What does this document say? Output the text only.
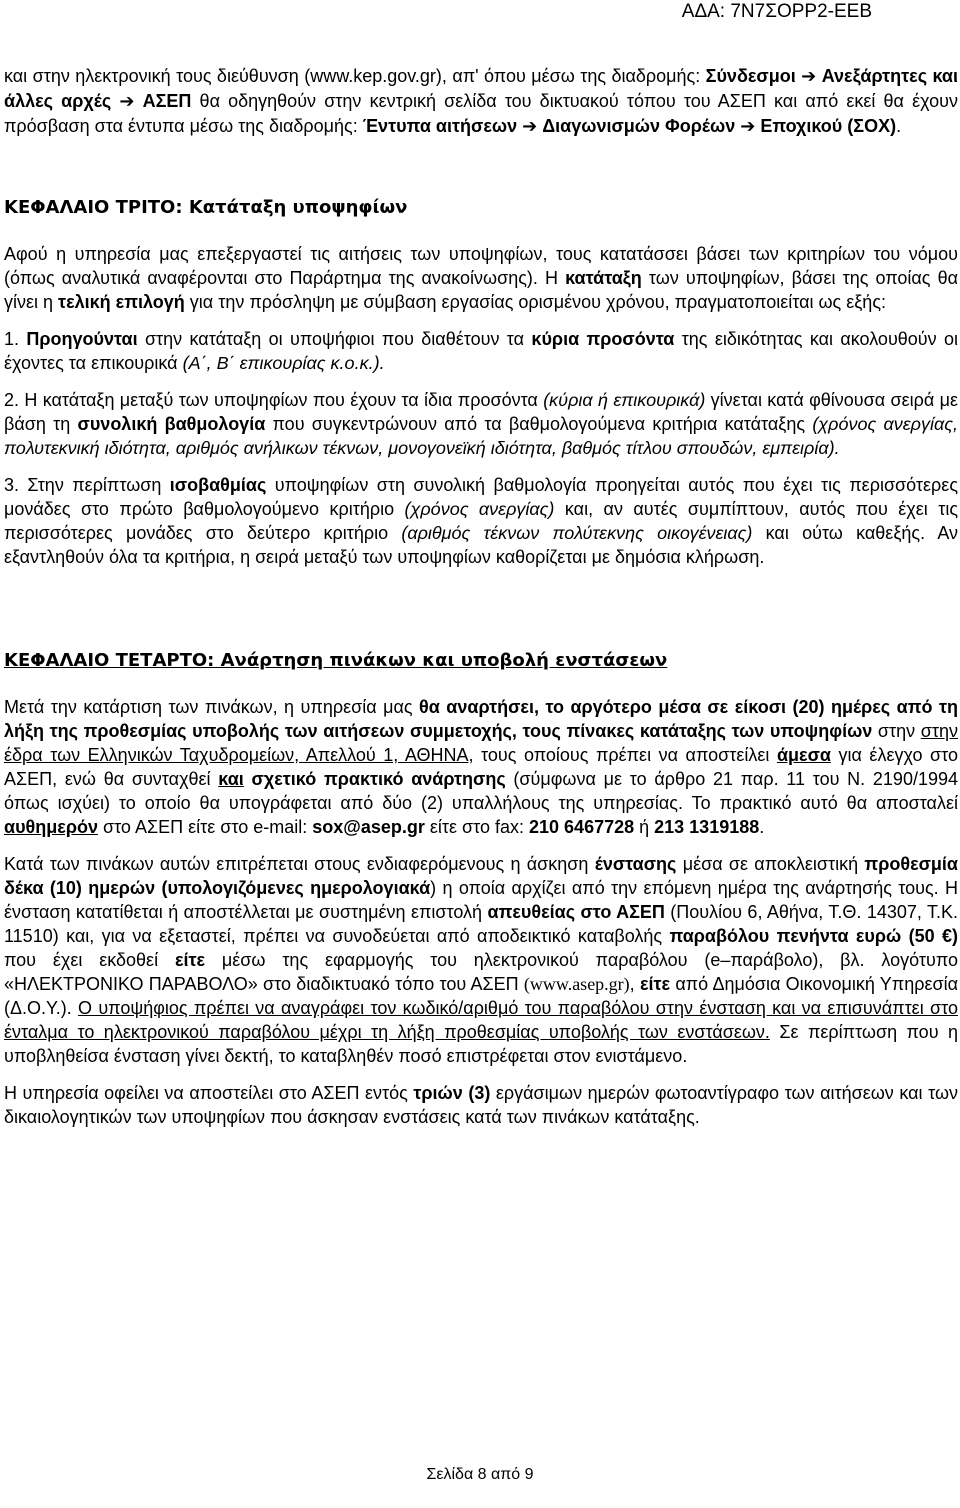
ΑΔΑ: 7Ν7ΣΟΡΡ2-ΕΕΒ

και στην ηλεκτρονική τους διεύθυνση (www.kep.gov.gr), απ' όπου μέσω της διαδρομής: Σύνδεσμοι ➔ Ανεξάρτητες και άλλες αρχές ➔ ΑΣΕΠ θα οδηγηθούν στην κεντρική σελίδα του δικτυακού τόπου του ΑΣΕΠ και από εκεί θα έχουν πρόσβαση στα έντυπα μέσω της διαδρομής: Έντυπα αιτήσεων ➔ Διαγωνισμών Φορέων ➔ Εποχικού (ΣΟΧ).

ΚΕΦΑΛΑΙΟ ΤΡΙΤΟ: Κατάταξη υποψηφίων

Αφού η υπηρεσία μας επεξεργαστεί τις αιτήσεις των υποψηφίων, τους κατατάσσει βάσει των κριτηρίων του νόμου (όπως αναλυτικά αναφέρονται στο Παράρτημα της ανακοίνωσης). Η κατάταξη των υποψηφίων, βάσει της οποίας θα γίνει η τελική επιλογή για την πρόσληψη με σύμβαση εργασίας ορισμένου χρόνου, πραγματοποιείται ως εξής:

1. Προηγούνται στην κατάταξη οι υποψήφιοι που διαθέτουν τα κύρια προσόντα της ειδικότητας και ακολουθούν οι έχοντες τα επικουρικά (Α΄, Β΄ επικουρίας κ.ο.κ.).

2. Η κατάταξη μεταξύ των υποψηφίων που έχουν τα ίδια προσόντα (κύρια ή επικουρικά) γίνεται κατά φθίνουσα σειρά με βάση τη συνολική βαθμολογία που συγκεντρώνουν από τα βαθμολογούμενα κριτήρια κατάταξης (χρόνος ανεργίας, πολυτεκνική ιδιότητα, αριθμός ανήλικων τέκνων, μονογονεϊκή ιδιότητα, βαθμός τίτλου σπουδών, εμπειρία).

3. Στην περίπτωση ισοβαθμίας υποψηφίων στη συνολική βαθμολογία προηγείται αυτός που έχει τις περισσότερες μονάδες στο πρώτο βαθμολογούμενο κριτήριο (χρόνος ανεργίας) και, αν αυτές συμπίπτουν, αυτός που έχει τις περισσότερες μονάδες στο δεύτερο κριτήριο (αριθμός τέκνων πολύτεκνης οικογένειας) και ούτω καθεξής. Αν εξαντληθούν όλα τα κριτήρια, η σειρά μεταξύ των υποψηφίων καθορίζεται με δημόσια κλήρωση.

ΚΕΦΑΛΑΙΟ ΤΕΤΑΡΤΟ: Ανάρτηση πινάκων και υποβολή ενστάσεων

Μετά την κατάρτιση των πινάκων, η υπηρεσία μας θα αναρτήσει, το αργότερο μέσα σε είκοσι (20) ημέρες από τη λήξη της προθεσμίας υποβολής των αιτήσεων συμμετοχής, τους πίνακες κατάταξης των υποψηφίων στην στην έδρα των Ελληνικών Ταχυδρομείων, Απελλού 1, ΑΘΗΝΑ, τους οποίους πρέπει να αποστείλει άμεσα για έλεγχο στο ΑΣΕΠ, ενώ θα συνταχθεί και σχετικό πρακτικό ανάρτησης (σύμφωνα με το άρθρο 21 παρ. 11 του Ν. 2190/1994 όπως ισχύει) το οποίο θα υπογράφεται από δύο (2) υπαλλήλους της υπηρεσίας. Το πρακτικό αυτό θα αποσταλεί αυθημερόν στο ΑΣΕΠ είτε στο e-mail: sox@asep.gr είτε στο fax: 210 6467728 ή 213 1319188.

Κατά των πινάκων αυτών επιτρέπεται στους ενδιαφερόμενους η άσκηση ένστασης μέσα σε αποκλειστική προθεσμία δέκα (10) ημερών (υπολογιζόμενες ημερολογιακά) η οποία αρχίζει από την επόμενη ημέρα της ανάρτησής τους. Η ένσταση κατατίθεται ή αποστέλλεται με συστημένη επιστολή απευθείας στο ΑΣΕΠ (Πουλίου 6, Αθήνα, Τ.Θ. 14307, Τ.Κ. 11510) και, για να εξεταστεί, πρέπει να συνοδεύεται από αποδεικτικό καταβολής παραβόλου πενήντα ευρώ (50 €) που έχει εκδοθεί είτε μέσω της εφαρμογής του ηλεκτρονικού παραβόλου (e–παράβολο), βλ. λογότυπο «ΗΛΕΚΤΡΟΝΙΚΟ ΠΑΡΑΒΟΛΟ» στο διαδικτυακό τόπο του ΑΣΕΠ (www.asep.gr), είτε από Δημόσια Οικονομική Υπηρεσία (Δ.Ο.Υ.). Ο υποψήφιος πρέπει να αναγράφει τον κωδικό/αριθμό του παραβόλου στην ένσταση και να επισυνάπτει στο ένταλμα το ηλεκτρονικού παραβόλου μέχρι τη λήξη προθεσμίας υποβολής των ενστάσεων. Σε περίπτωση που η υποβληθείσα ένσταση γίνει δεκτή, το καταβληθέν ποσό επιστρέφεται στον ενιστάμενο.

Η υπηρεσία οφείλει να αποστείλει στο ΑΣΕΠ εντός τριών (3) εργάσιμων ημερών φωτοαντίγραφο των αιτήσεων και των δικαιολογητικών των υποψηφίων που άσκησαν ενστάσεις κατά των πινάκων κατάταξης.

Σελίδα 8 από 9
